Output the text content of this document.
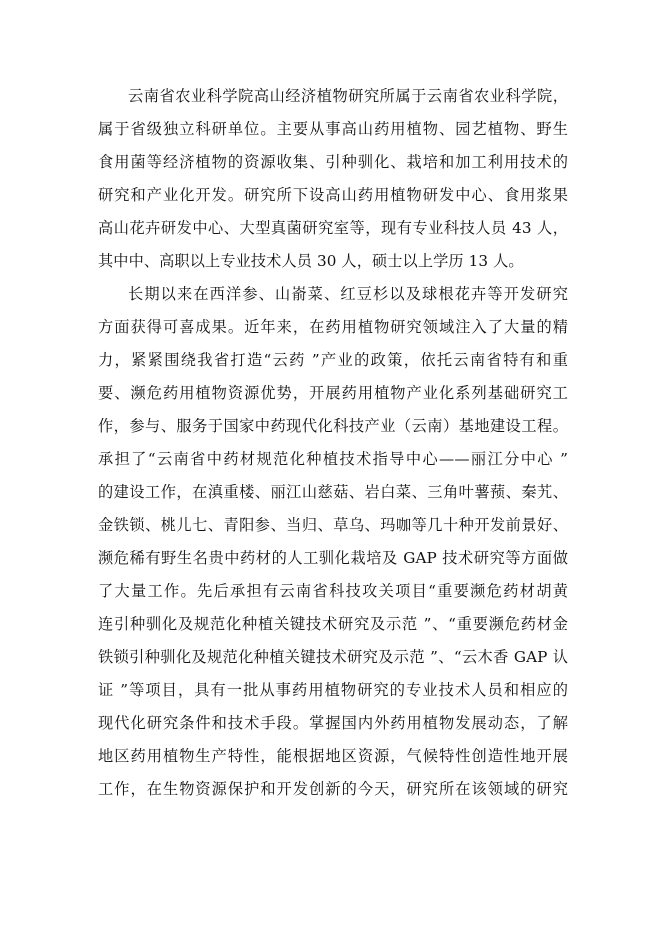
云南省农业科学院高山经济植物研究所属于云南省农业科学院，
属于省级独立科研单位。主要从事高山药用植物、园艺植物、野生
食用菌等经济植物的资源收集、引种驯化、栽培和加工利用技术的
研究和产业化开发。研究所下设高山药用植物研发中心、食用浆果
高山花卉研发中心、大型真菌研究室等，现有专业科技人员 43 人，
其中中、高职以上专业技术人员 30 人，硕士以上学历 13 人。
长期以来在西洋参、山嵛菜、红豆杉以及球根花卉等开发研究
方面获得可喜成果。近年来，在药用植物研究领域注入了大量的精
力，紧紧围绕我省打造“云药 ”产业的政策，依托云南省特有和重
要、濒危药用植物资源优势，开展药用植物产业化系列基础研究工
作，参与、服务于国家中药现代化科技产业（云南）基地建设工程。
承担了“云南省中药材规范化种植技术指导中心——丽江分中心 ”
的建设工作，在滇重楼、丽江山慈菇、岩白菜、三角叶薯蓣、秦艽、
金铁锁、桃儿七、青阳参、当归、草乌、玛咖等几十种开发前景好、
濒危稀有野生名贵中药材的人工驯化栽培及 GAP 技术研究等方面做
了大量工作。先后承担有云南省科技攻关项目“重要濒危药材胡黄
连引种驯化及规范化种植关键技术研究及示范 ”、“重要濒危药材金
铁锁引种驯化及规范化种植关键技术研究及示范 ”、“云木香 GAP 认
证 ”等项目，具有一批从事药用植物研究的专业技术人员和相应的
现代化研究条件和技术手段。掌握国内外药用植物发展动态，了解
地区药用植物生产特性，能根据地区资源，气候特性创造性地开展
工作，在生物资源保护和开发创新的今天，研究所在该领域的研究
